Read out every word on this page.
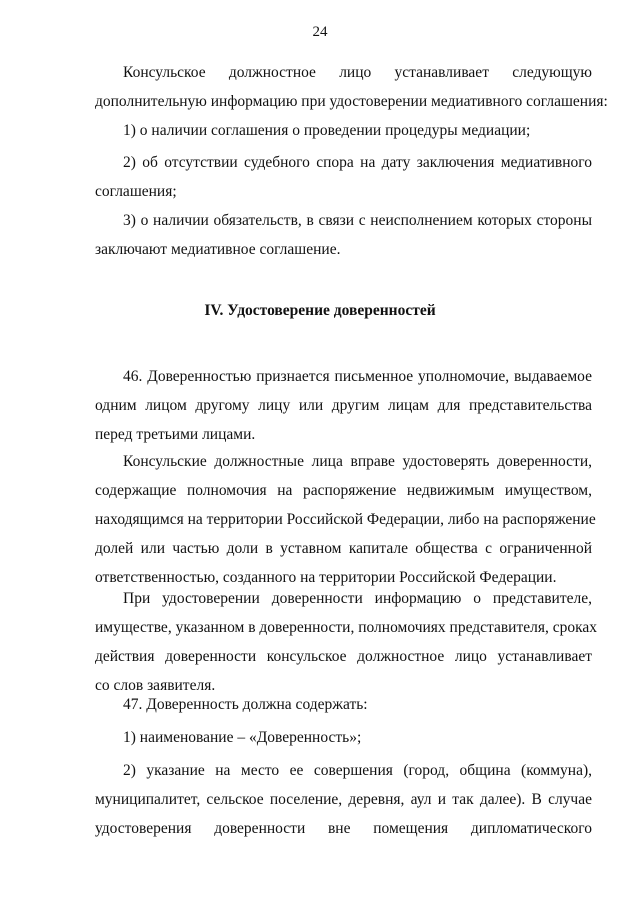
24
Консульское должностное лицо устанавливает следующую
дополнительную информацию при удостоверении медиативного соглашения:
1) о наличии соглашения о проведении процедуры медиации;
2) об отсутствии судебного спора на дату заключения медиативного
соглашения;
3) о наличии обязательств, в связи с неисполнением которых стороны
заключают медиативное соглашение.
IV. Удостоверение доверенностей
46. Доверенностью признается письменное уполномочие, выдаваемое
одним лицом другому лицу или другим лицам для представительства
перед третьими лицами.
Консульские должностные лица вправе удостоверять доверенности,
содержащие полномочия на распоряжение недвижимым имуществом,
находящимся на территории Российской Федерации, либо на распоряжение
долей или частью доли в уставном капитале общества с ограниченной
ответственностью, созданного на территории Российской Федерации.
При удостоверении доверенности информацию о представителе,
имуществе, указанном в доверенности, полномочиях представителя, сроках
действия доверенности консульское должностное лицо устанавливает
со слов заявителя.
47. Доверенность должна содержать:
1) наименование – «Доверенность»;
2) указание на место ее совершения (город, община (коммуна),
муниципалитет, сельское поселение, деревня, аул и так далее). В случае
удостоверения доверенности вне помещения дипломатического
